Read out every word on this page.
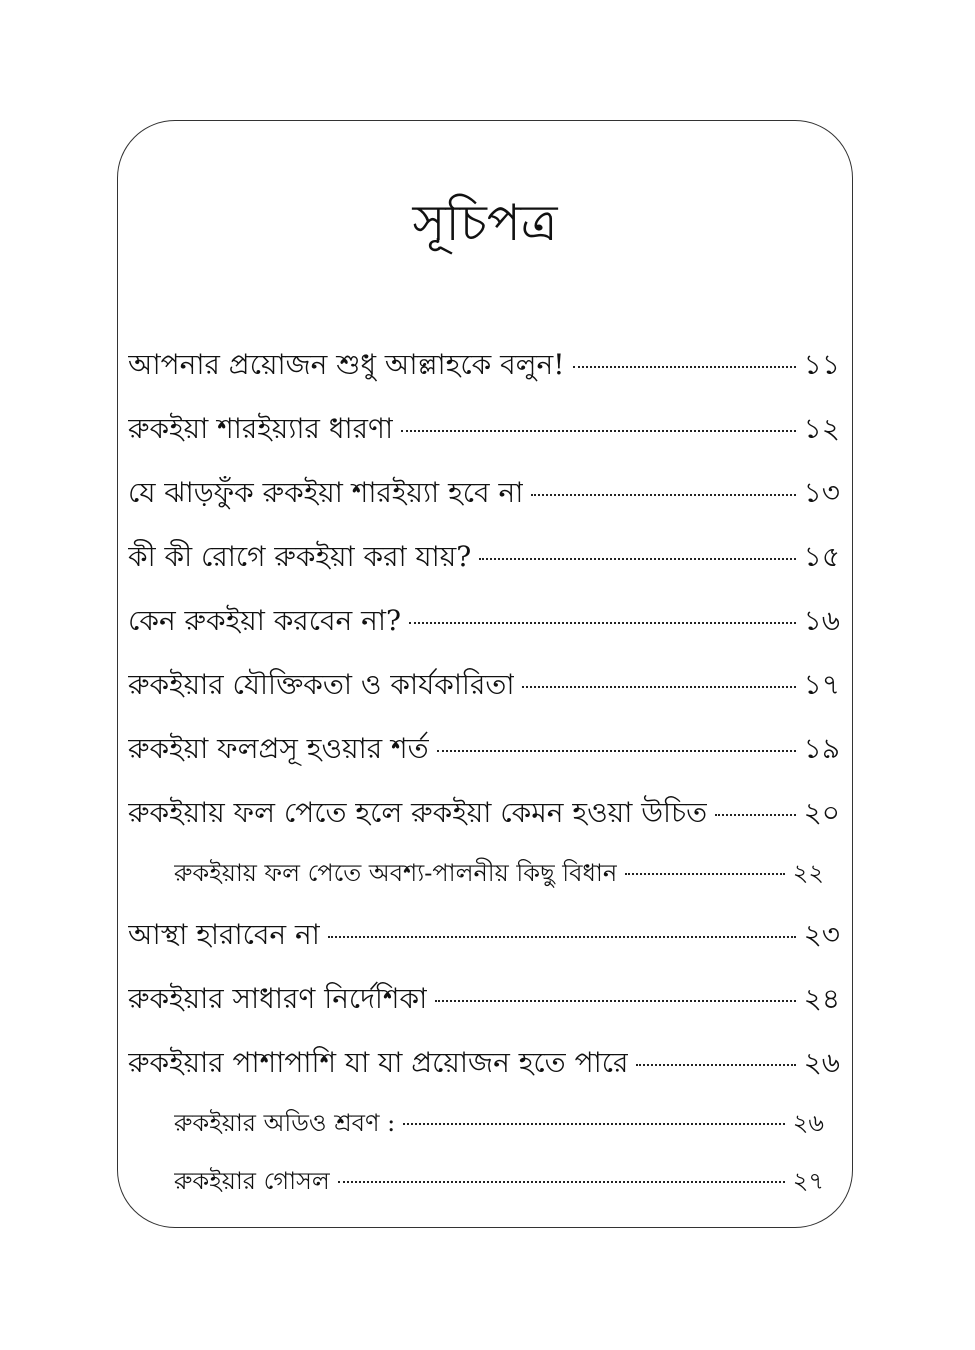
সূচিপত্র
আপনার প্রয়োজন শুধু আল্লাহকে বলুন!	১১
রুকইয়া শারইয়্যার ধারণা	১২
যে ঝাড়ফুঁক রুকইয়া শারইয়্যা হবে না	১৩
কী কী রোগে রুকইয়া করা যায়?	১৫
কেন রুকইয়া করবেন না?	১৬
রুকইয়ার যৌক্তিকতা ও কার্যকারিতা	১৭
রুকইয়া ফলপ্রসূ হওয়ার শর্ত	১৯
রুকইয়ায় ফল পেতে হলে রুকইয়া কেমন হওয়া উচিত	২০
রুকইয়ায় ফল পেতে অবশ্য-পালনীয় কিছু বিধান	২২
আস্থা হারাবেন না	২৩
রুকইয়ার সাধারণ নির্দেশিকা	২৪
রুকইয়ার পাশাপাশি যা যা প্রয়োজন হতে পারে	২৬
রুকইয়ার অডিও শ্রবণ :	২৬
রুকইয়ার গোসল	২৭
